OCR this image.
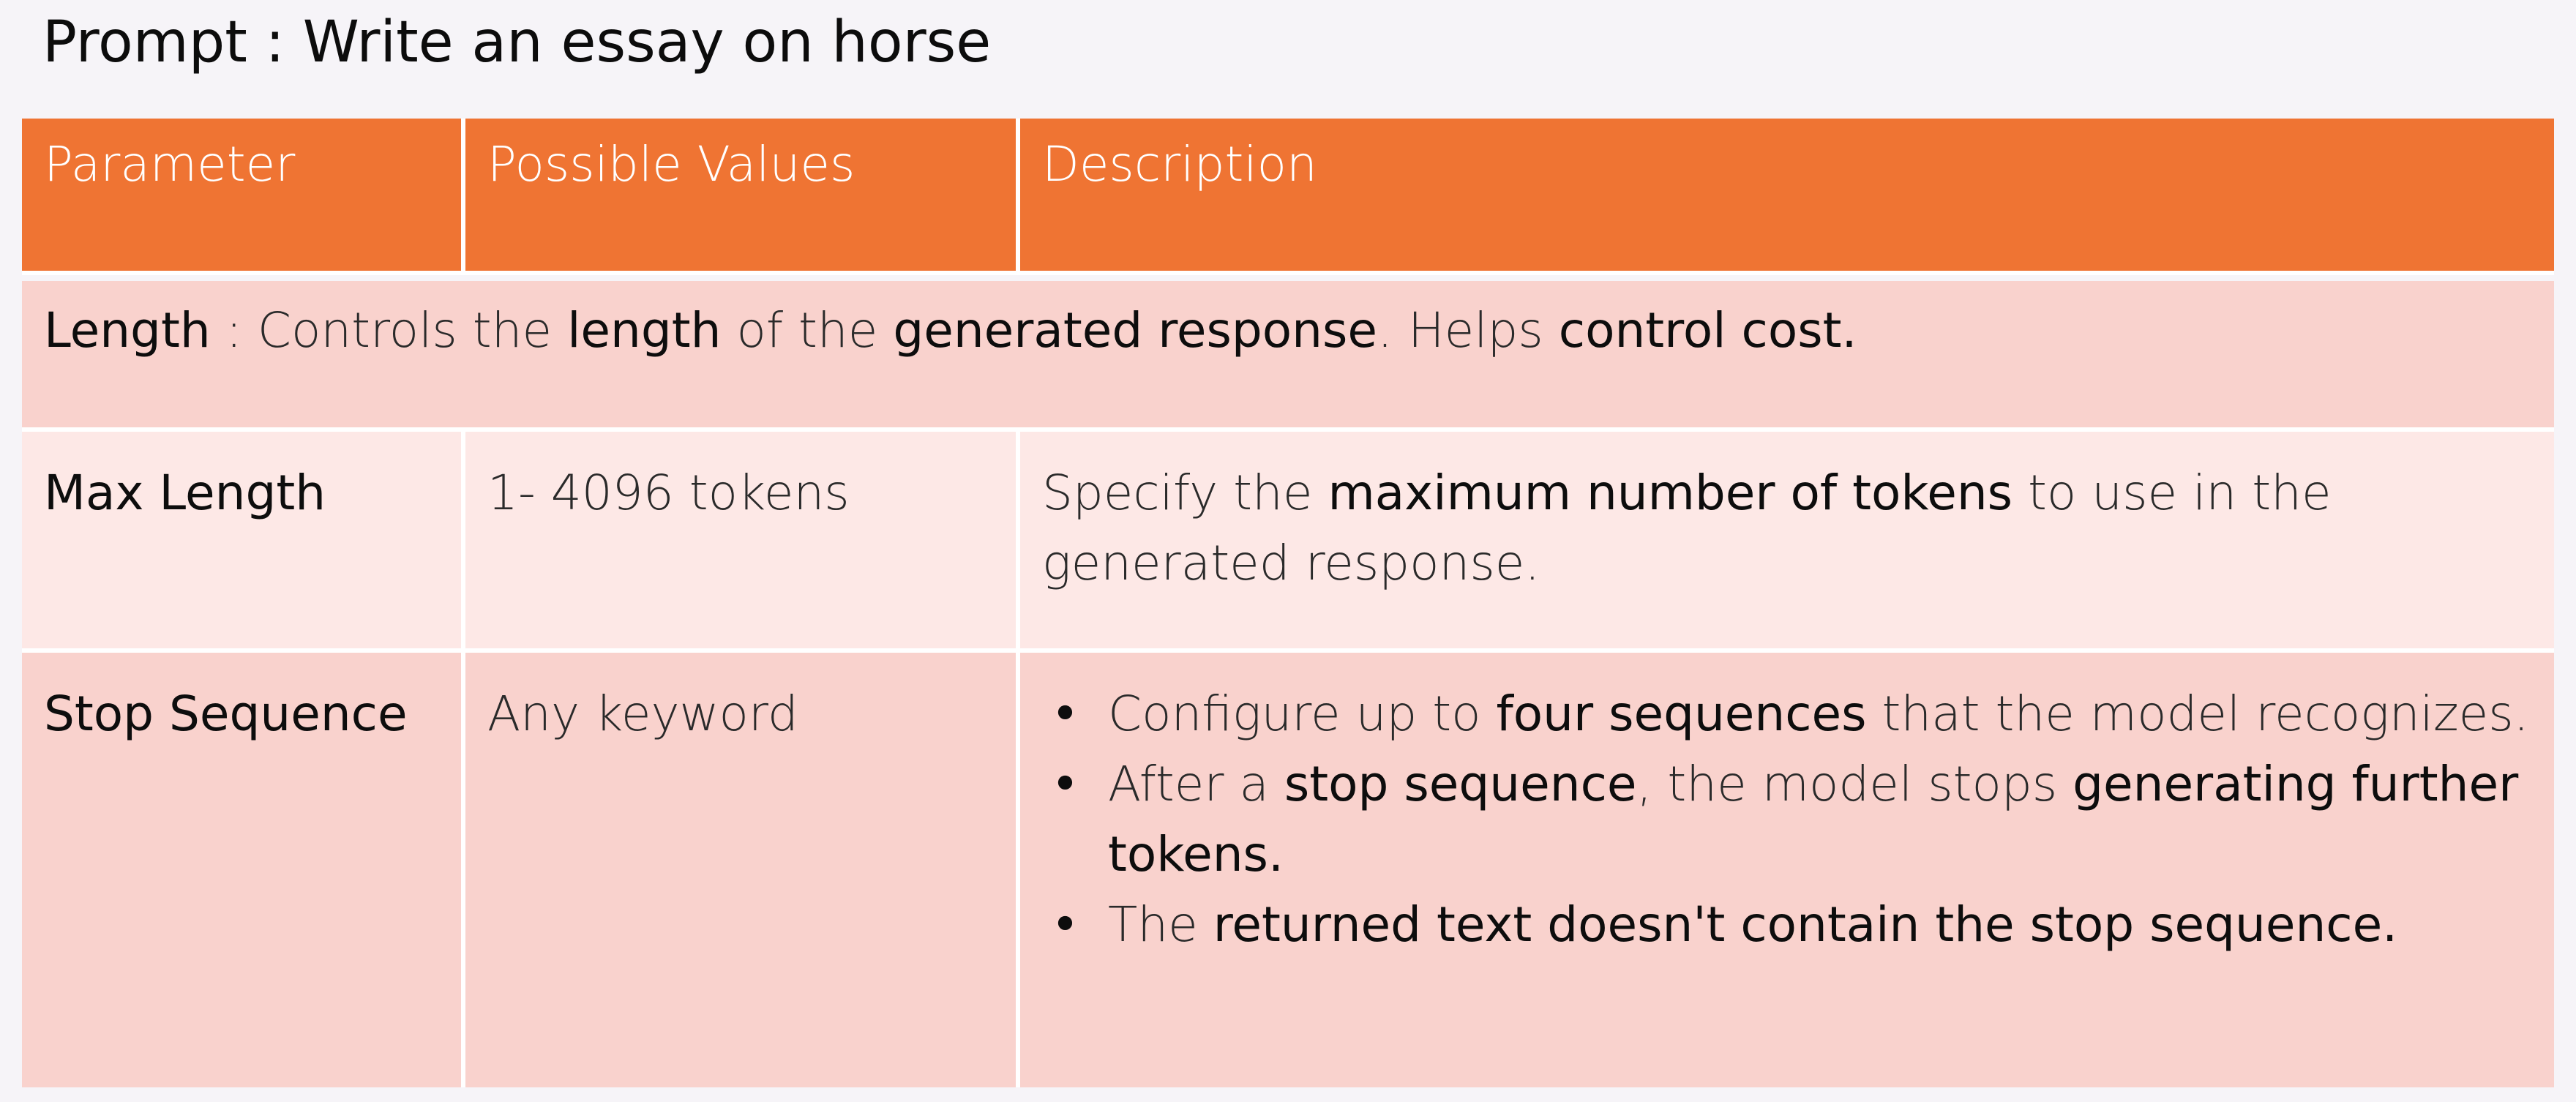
Prompt : Write an essay on horse
Parameter	Possible Values	Description
Length : Controls the length of the generated response. Helps control cost.
Max Length	1- 4096 tokens	Specify the maximum number of tokens to use in the generated response.
Stop Sequence	Any keyword	• Configure up to four sequences that the model recognizes.
• After a stop sequence, the model stops generating further tokens.
• The returned text doesn't contain the stop sequence.
